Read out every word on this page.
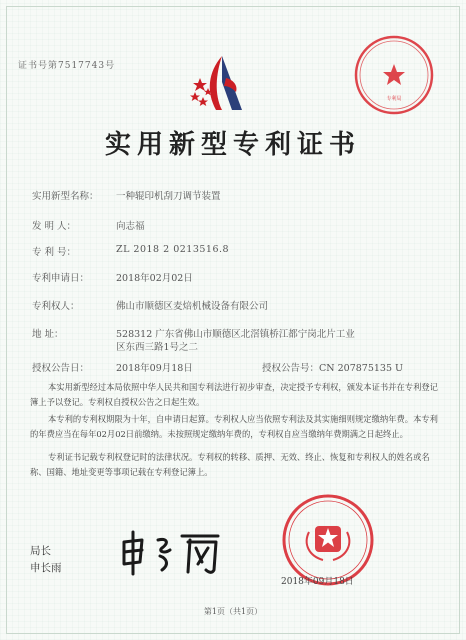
证书号第7517743号
专利局
实用新型专利证书
实用新型名称： 一种辊印机刮刀调节装置
发 明 人：	向志福
专 利 号：	ZL 2018 2 0213516.8
专利申请日：	2018年02月02日
专利权人：	佛山市顺德区麦焙机械设备有限公司
地 址：	528312 广东省佛山市顺德区北滘镇桥江都宁岗北片工业
区东西三路1号之二
授权公告日：	2018年09月18日	授权公告号：CN 207875135 U
本实用新型经过本局依照中华人民共和国专利法进行初步审查，决定授予专利权，颁发本证书并在专利登记簿上予以登记。专利权自授权公告之日起生效。
本专利的专利权期限为十年，自申请日起算。专利权人应当依照专利法及其实施细则规定缴纳年费。本专利的年费应当在每年02月02日前缴纳。未按照规定缴纳年费的，专利权自应当缴纳年费期满之日起终止。
专利证书记载专利权登记时的法律状况。专利权的转移、质押、无效、终止、恢复和专利权人的姓名或名称、国籍、地址变更等事项记载在专利登记簿上。
局长
申长雨
2018年09月18日
第1页（共1页）
